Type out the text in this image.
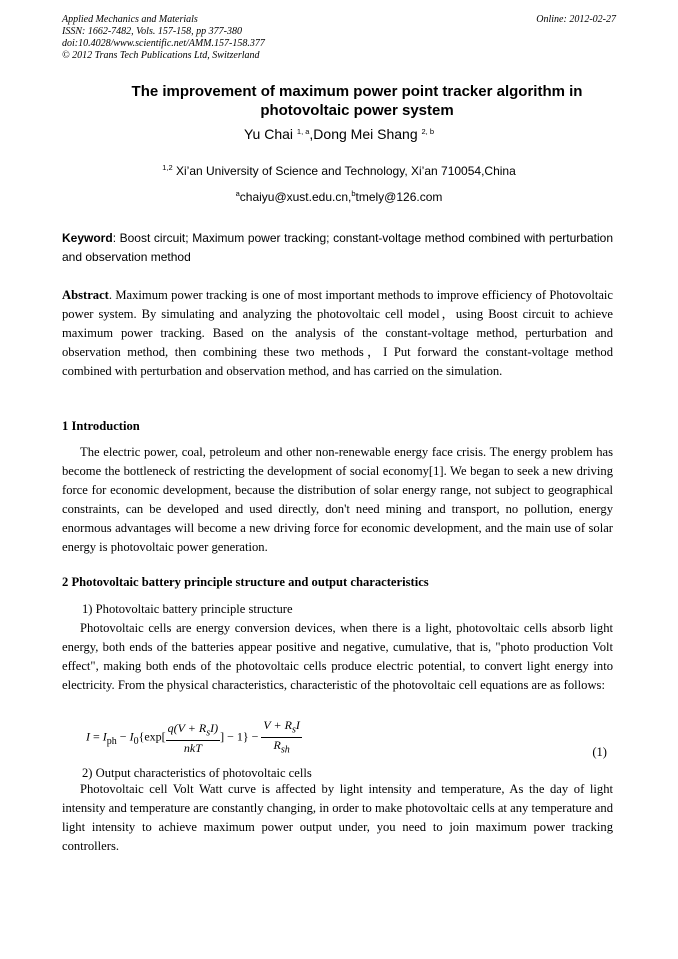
Applied Mechanics and Materials
ISSN: 1662-7482, Vols. 157-158, pp 377-380
doi:10.4028/www.scientific.net/AMM.157-158.377
© 2012 Trans Tech Publications Ltd, Switzerland
Online: 2012-02-27
The improvement of maximum power point tracker algorithm in
photovoltaic power system
Yu Chai $^{1, a}$,Dong Mei Shang $^{2, b}$
$^{1,2}$ Xi’an University of Science and Technology, Xi’an 710054,China
$^a$chaiyu@xust.edu.cn,$^b$tmely@126.com
Keyword: Boost circuit; Maximum power tracking; constant-voltage method combined with perturbation and observation method
Abstract. Maximum power tracking is one of most important methods to improve efficiency of Photovoltaic power system. By simulating and analyzing the photovoltaic cell model，using Boost circuit to achieve maximum power tracking. Based on the analysis of the constant-voltage method, perturbation and observation method, then combining these two methods，I Put forward the constant-voltage method combined with perturbation and observation method, and has carried on the simulation.
1 Introduction
The electric power, coal, petroleum and other non-renewable energy face crisis. The energy problem has become the bottleneck of restricting the development of social economy[1]. We began to seek a new driving force for economic development, because the distribution of solar energy range, not subject to geographical constraints, can be developed and used directly, don't need mining and transport, no pollution, energy enormous advantages will become a new driving force for economic development, and the main use of solar energy is photovoltaic power generation.
2 Photovoltaic battery principle structure and output characteristics
1) Photovoltaic battery principle structure
Photovoltaic cells are energy conversion devices, when there is a light, photovoltaic cells absorb light energy, both ends of the batteries appear positive and negative, cumulative, that is, "photo production Volt effect", making both ends of the photovoltaic cells produce electric potential, to convert light energy into electricity. From the physical characteristics, characteristic of the photovoltaic cell equations are as follows:
$I = I_{ph} - I_0\{\exp[ \frac{q(V + R_sI)}{\text{nkT}}$ ] − $1\} - \frac{V + R_sI}{R_{sh}}$	(1)
2) Output characteristics of photovoltaic cells
Photovoltaic cell Volt Watt curve is affected by light intensity and temperature, As the day of light intensity and temperature are constantly changing, in order to make photovoltaic cells at any temperature and light intensity to achieve maximum power output under, you need to join maximum power tracking controllers.
